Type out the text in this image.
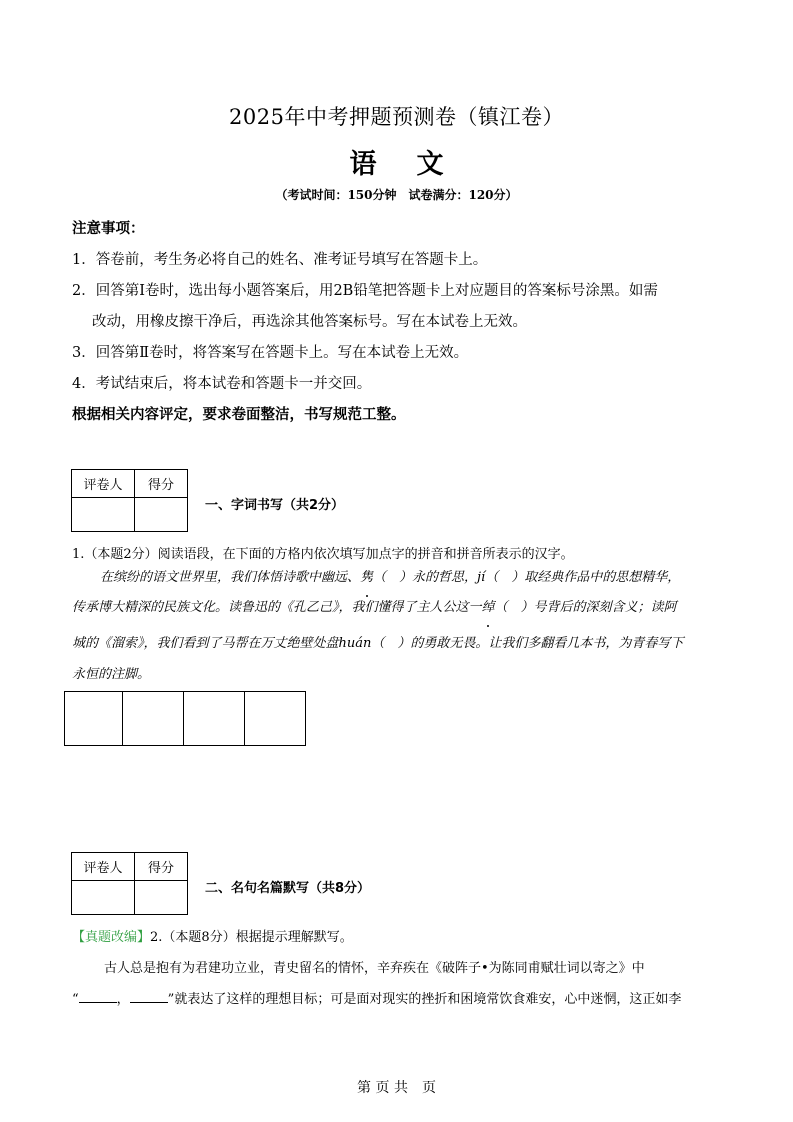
2025年中考押题预测卷（镇江卷）
语 文
（考试时间：150分钟　试卷满分：120分）
注意事项：
1．答卷前，考生务必将自己的姓名、准考证号填写在答题卡上。
2．回答第Ⅰ卷时，选出每小题答案后，用2B铅笔把答题卡上对应题目的答案标号涂黑。如需
改动，用橡皮擦干净后，再选涂其他答案标号。写在本试卷上无效。
3．回答第Ⅱ卷时，将答案写在答题卡上。写在本试卷上无效。
4．考试结束后，将本试卷和答题卡一并交回。
根据相关内容评定，要求卷面整洁，书写规范工整。
评卷人	得分

一、字词书写（共2分）
1.（本题2分）阅读语段，在下面的方格内依次填写加点字的拼音和拼音所表示的汉字。
在缤纷的语文世界里，我们体悟诗歌中幽远、隽（　）永的哲思，jí（　）取经典作品中的思想精华，
传承博大精深的民族文化。读鲁迅的《孔乙己》，我们懂得了主人公这一绰（　）号背后的深刻含义；读阿
城的《溜索》，我们看到了马帮在万丈绝壁处盘huán（　）的勇敢无畏。让我们多翻看几本书，为青春写下
永恒的注脚。
评卷人	得分

二、名句名篇默写（共8分）
【真题改编】2.（本题8分）根据提示理解默写。
古人总是抱有为君建功立业，青史留名的情怀，辛弃疾在《破阵子•为陈同甫赋壮词以寄之》中
“	，	”就表达了这样的理想目标；可是面对现实的挫折和困境常饮食难安，心中迷惘，这正如李
第 页 共　页
